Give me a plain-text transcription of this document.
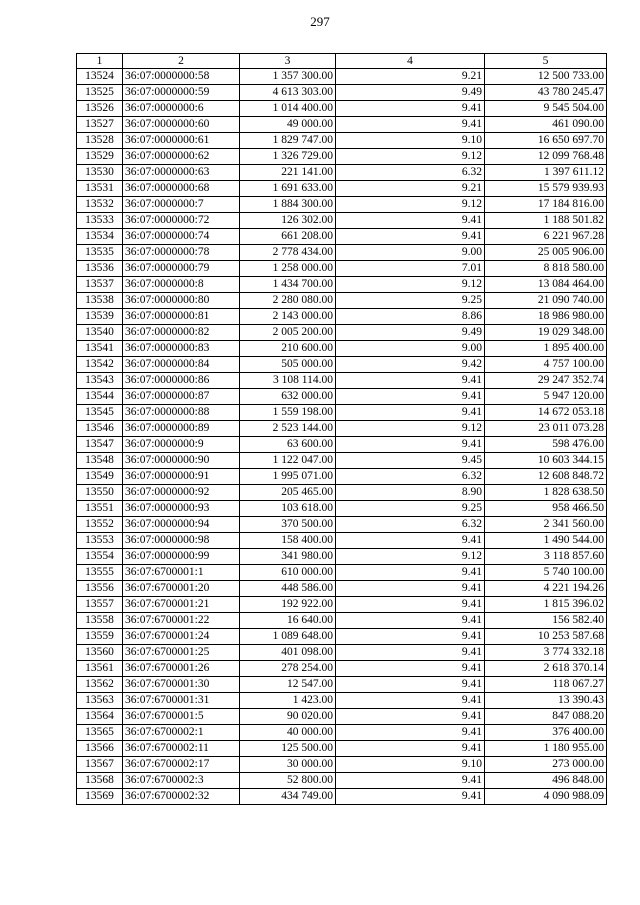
297
1	2	3	4	5
13524	36:07:0000000:58	1 357 300.00	9.21	12 500 733.00
13525	36:07:0000000:59	4 613 303.00	9.49	43 780 245.47
13526	36:07:0000000:6	1 014 400.00	9.41	9 545 504.00
13527	36:07:0000000:60	49 000.00	9.41	461 090.00
13528	36:07:0000000:61	1 829 747.00	9.10	16 650 697.70
13529	36:07:0000000:62	1 326 729.00	9.12	12 099 768.48
13530	36:07:0000000:63	221 141.00	6.32	1 397 611.12
13531	36:07:0000000:68	1 691 633.00	9.21	15 579 939.93
13532	36:07:0000000:7	1 884 300.00	9.12	17 184 816.00
13533	36:07:0000000:72	126 302.00	9.41	1 188 501.82
13534	36:07:0000000:74	661 208.00	9.41	6 221 967.28
13535	36:07:0000000:78	2 778 434.00	9.00	25 005 906.00
13536	36:07:0000000:79	1 258 000.00	7.01	8 818 580.00
13537	36:07:0000000:8	1 434 700.00	9.12	13 084 464.00
13538	36:07:0000000:80	2 280 080.00	9.25	21 090 740.00
13539	36:07:0000000:81	2 143 000.00	8.86	18 986 980.00
13540	36:07:0000000:82	2 005 200.00	9.49	19 029 348.00
13541	36:07:0000000:83	210 600.00	9.00	1 895 400.00
13542	36:07:0000000:84	505 000.00	9.42	4 757 100.00
13543	36:07:0000000:86	3 108 114.00	9.41	29 247 352.74
13544	36:07:0000000:87	632 000.00	9.41	5 947 120.00
13545	36:07:0000000:88	1 559 198.00	9.41	14 672 053.18
13546	36:07:0000000:89	2 523 144.00	9.12	23 011 073.28
13547	36:07:0000000:9	63 600.00	9.41	598 476.00
13548	36:07:0000000:90	1 122 047.00	9.45	10 603 344.15
13549	36:07:0000000:91	1 995 071.00	6.32	12 608 848.72
13550	36:07:0000000:92	205 465.00	8.90	1 828 638.50
13551	36:07:0000000:93	103 618.00	9.25	958 466.50
13552	36:07:0000000:94	370 500.00	6.32	2 341 560.00
13553	36:07:0000000:98	158 400.00	9.41	1 490 544.00
13554	36:07:0000000:99	341 980.00	9.12	3 118 857.60
13555	36:07:6700001:1	610 000.00	9.41	5 740 100.00
13556	36:07:6700001:20	448 586.00	9.41	4 221 194.26
13557	36:07:6700001:21	192 922.00	9.41	1 815 396.02
13558	36:07:6700001:22	16 640.00	9.41	156 582.40
13559	36:07:6700001:24	1 089 648.00	9.41	10 253 587.68
13560	36:07:6700001:25	401 098.00	9.41	3 774 332.18
13561	36:07:6700001:26	278 254.00	9.41	2 618 370.14
13562	36:07:6700001:30	12 547.00	9.41	118 067.27
13563	36:07:6700001:31	1 423.00	9.41	13 390.43
13564	36:07:6700001:5	90 020.00	9.41	847 088.20
13565	36:07:6700002:1	40 000.00	9.41	376 400.00
13566	36:07:6700002:11	125 500.00	9.41	1 180 955.00
13567	36:07:6700002:17	30 000.00	9.10	273 000.00
13568	36:07:6700002:3	52 800.00	9.41	496 848.00
13569	36:07:6700002:32	434 749.00	9.41	4 090 988.09
